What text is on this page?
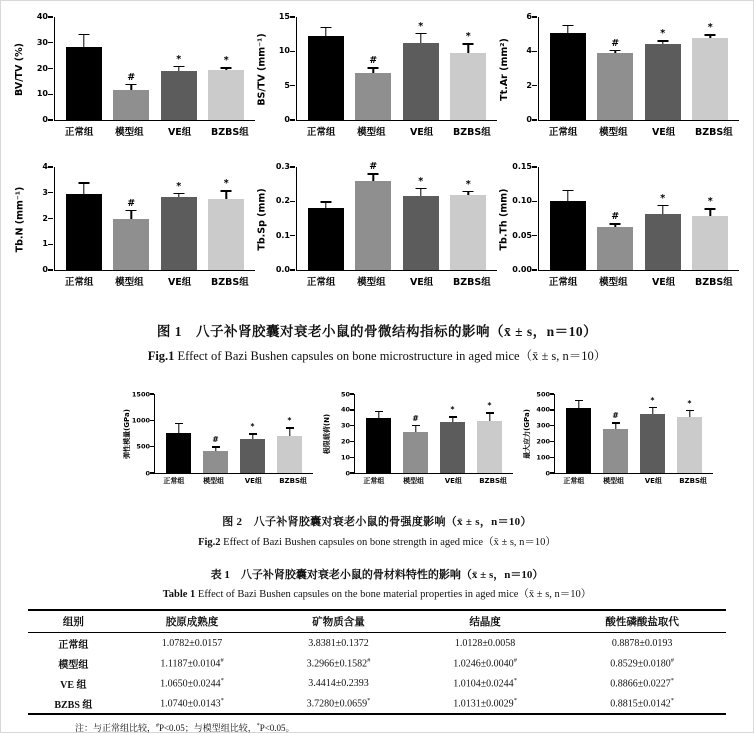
BV/TV (%)
0
10
20
30
40
#
*	*
正常组	模型组	VE组	BZBS组
BS/TV (mm⁻¹)
0
5
10
15
#
*
*
正常组	模型组	VE组	BZBS组
Tt.Ar (mm²)
0
2
4
6
#
*
*
正常组	模型组	VE组	BZBS组
Tb.N (mm⁻¹)
0
1
2
3
4
#
*	*
正常组	模型组	VE组	BZBS组
Tb.Sp (mm)
0.0
0.1
0.2
0.3	#
*	*
正常组	模型组	VE组	BZBS组
Tb.Th (mm)
0.00
0.05
0.10
0.15
#
*	*
正常组	模型组	VE组	BZBS组
图 1　八子补肾胶囊对衰老小鼠的骨微结构指标的影响（x̄ ± s，n＝10）
Fig.1 Effect of Bazi Bushen capsules on bone microstructure in aged mice（x̄ ± s, n＝10）
弹性模量(GPa)
0
500
1000
1500
#
*
*
正常组	模型组	VE组	BZBS组
极限载荷(N)
0
10
20
30
40
50
#
*	*
正常组	模型组	VE组	BZBS组
最大应力(GPa)
0
100
200
300
400
500
#
*	*
正常组	模型组	VE组	BZBS组
图 2　八子补肾胶囊对衰老小鼠的骨强度影响（x̄ ± s，n＝10）
Fig.2 Effect of Bazi Bushen capsules on bone strength in aged mice（x̄ ± s, n＝10）
表 1　八子补肾胶囊对衰老小鼠的骨材料特性的影响（x̄ ± s，n＝10）
Table 1 Effect of Bazi Bushen capsules on the bone material properties in aged mice（x̄ ± s, n＝10）
组别	胶原成熟度	矿物质含量	结晶度	酸性磷酸盐取代
正常组	1.0782±0.0157	3.8381±0.1372	1.0128±0.0058	0.8878±0.0193
模型组	1.1187±0.0104#	3.2966±0.1582#	1.0246±0.0040#	0.8529±0.0180#
VE 组	1.0650±0.0244*	3.4414±0.2393	1.0104±0.0244*	0.8866±0.0227*
BZBS 组	1.0740±0.0143*	3.7280±0.0659*	1.0131±0.0029*	0.8815±0.0142*
注：与正常组比较，#P<0.05；与模型组比较，*P<0.05。
